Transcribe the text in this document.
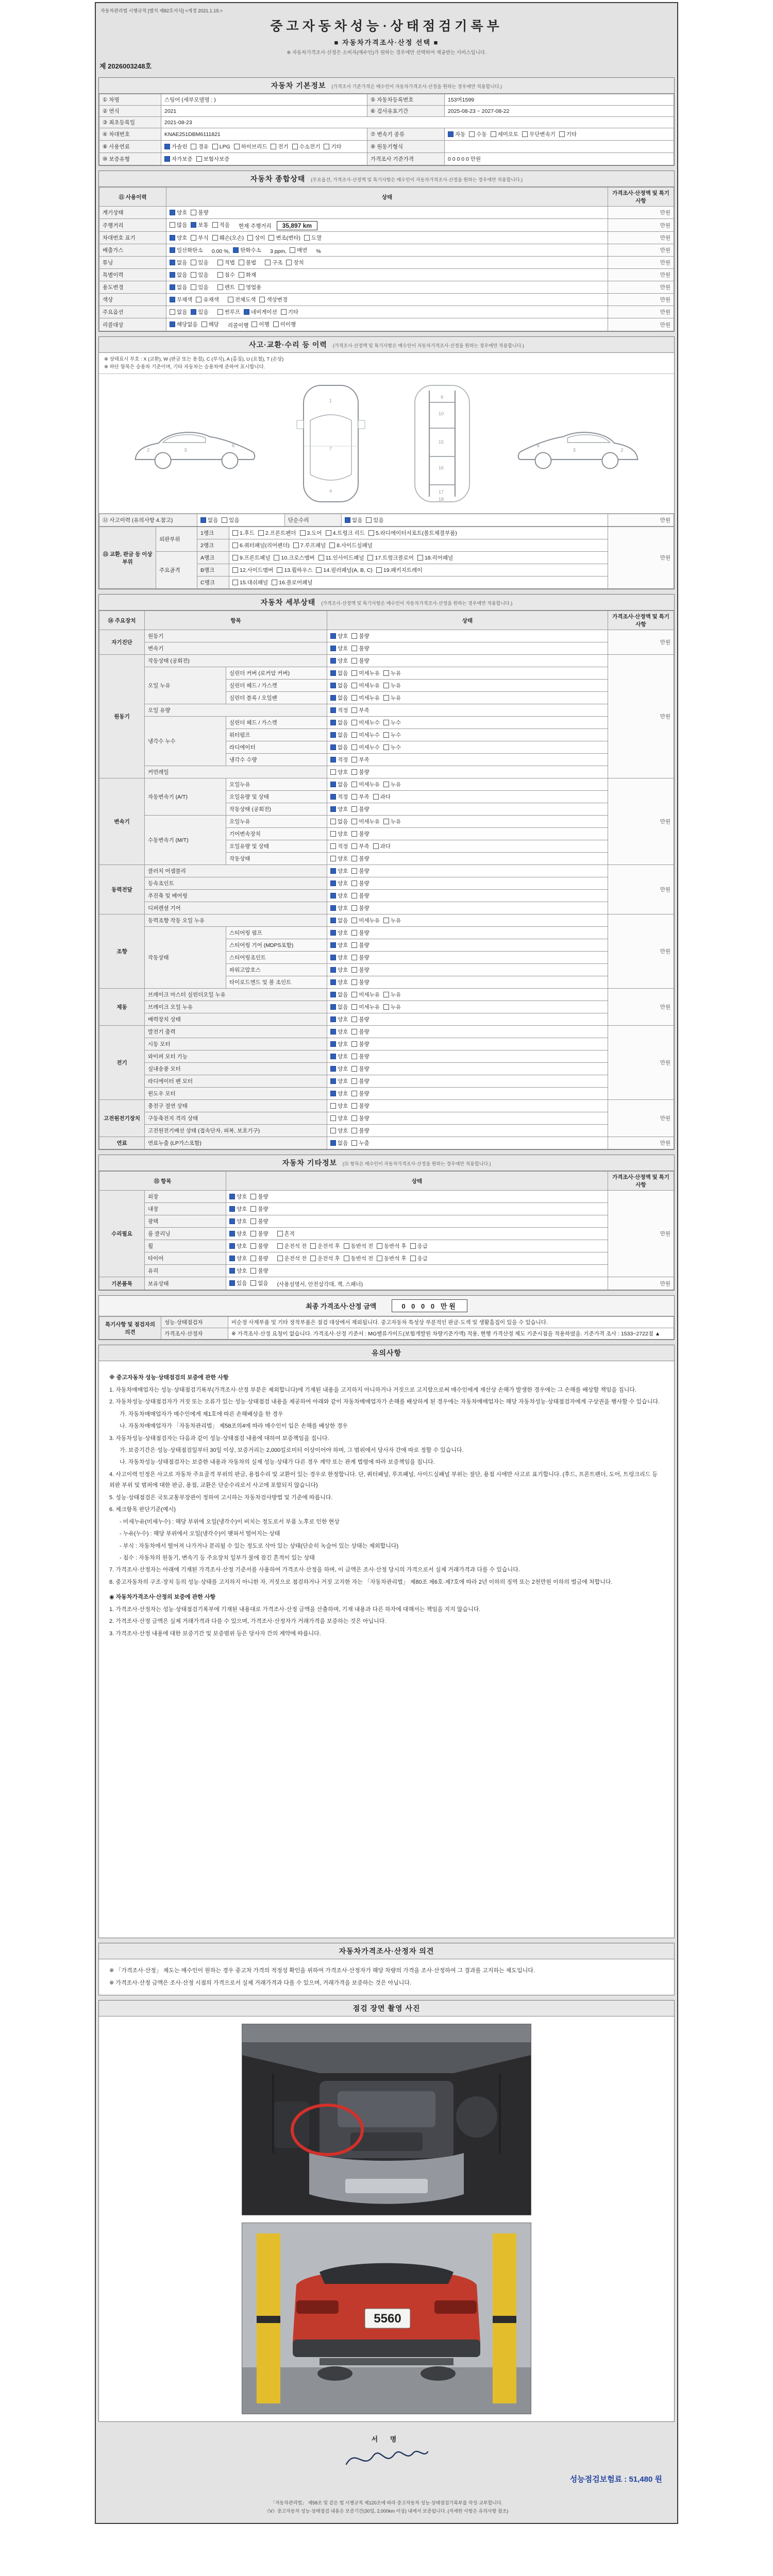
자동차관리법 시행규칙 [별지 제82호서식] <개정 2021.1.19.>
중고자동차성능·상태점검기록부
■ 자동차가격조사·산정 선택 ■
※ 자동차가격조사·산정은 소비자(매수인)가 원하는 경우에만 선택하여 제공받는 서비스입니다.
제 2026003248호
자동차 기본정보 (가격조사 기준가격은 매수인이 자동차가격조사·산정을 원하는 경우에만 적용합니다.)
① 차명	스팅어 (세부모델명 : )	⑤ 자동차등록번호	153머1599
② 연식	2021	⑥ 검사유효기간	2025-08-23 ~ 2027-08-22
③ 최초등록일	2021-08-23		
④ 차대번호	KNAE251DBM6111821	⑦ 변속기 종류	자동 수동 세미오토 무단변속기 기타

⑧ 사용연료	가솔린 경유 LPG 하이브리드 전기 수소전기 기타	⑨ 원동기형식	
⑩ 보증유형	자가보증 보험사보증	가격조사 기준가격	0 0 0 0 0 만원
자동차 종합상태 (주요옵션, 가격조사·산정액 및 특기사항은 매수인이 자동차가격조사·산정을 원하는 경우에만 적용합니다.)
⑪ 사용이력	상태	가격조사·산정액 및 특기사항
계기상태	양호 불량	만원
주행거리	많음 보통 적음 현재 주행거리 35,897 km	만원
차대번호 표기	양호 부식 훼손(오손) 상이 변조(변타) 도말	만원
배출가스	일산화탄소 0.00 %, 탄화수소 3 ppm, 매연 %	만원
튜닝	없음 있음	적법 불법	구조 장치	만원
특별이력	없음 있음 침수 화재	만원
용도변경	없음 있음 렌트 영업용	만원
색상	무채색 유채색 전체도색 색상변경	만원
주요옵션	없음 있음 썬루프 네비게이션 기타	만원
리콜대상	해당없음 해당 리콜이행 이행 미이행	만원
사고·교환·수리 등 이력 (가격조사·산정액 및 특기사항은 매수인이 자동차가격조사·산정을 원하는 경우에만 적용합니다.)
※ 상태표시 부호 : X (교환), W (판금 또는 용접), C (부식), A (흠집), U (요철), T (손상)
※ 하단 항목은 승용차 기준이며, 기타 자동차는 승용차에 준하여 표시합니다.
3
2
6
1
7
4
9
10
15
16
17
18
3	2
6
⑫ 사고이력 (유의사항 4.참고)	없음 있음	단순수리	없음 있음	만원
⑬ 교환, 판금 등 이상 부위	외판부위	1랭크	1.후드 2.프론트펜더 3.도어 4.트렁크 리드 5.라디에이터서포트(볼트체결부품)	만원
		2랭크	6.쿼터패널(리어펜더) 7.루프패널 8.사이드실패널	

	주요골격	A랭크	9.프론트패널 10.크로스멤버 11.인사이드패널 17.트렁크플로어 18.리어패널	

		B랭크	12.사이드멤버 13.휠하우스 14.필러패널(A, B, C) 19.패키지트레이	

		C랭크	15.대쉬패널 16.플로어패널	
자동차 세부상태 (가격조사·산정액 및 특기사항은 매수인이 자동차가격조사·산정을 원하는 경우에만 적용합니다.)
⑭ 주요장치	항목		상태	가격조사·산정액 및 특기사항
자기진단	원동기		양호 불량	만원
	변속기		양호 불량	

원동기	작동상태 (공회전)		양호 불량	만원
	오일 누유	실린더 커버 (로커암 커버)	없음 미세누유 누유	

		실린더 헤드 / 가스켓	없음 미세누유 누유	

		실린더 블록 / 오일팬	없음 미세누유 누유	

	오일 유량		적정 부족	

	냉각수 누수	실린더 헤드 / 가스켓	없음 미세누수 누수	

		워터펌프	없음 미세누수 누수	

		라디에이터	없음 미세누수 누수	

		냉각수 수량	적정 부족	

	커먼레일		양호 불량	

변속기	자동변속기 (A/T)	오일누유	없음 미세누유 누유	만원
		오일유량 및 상태	적정 부족 과다	

		작동상태 (공회전)	양호 불량	

	수동변속기 (M/T)	오일누유	없음 미세누유 누유	

		기어변속장치	양호 불량	

		오일유량 및 상태	적정 부족 과다	

		작동상태	양호 불량	

동력전달	클러치 어셈블리		양호 불량	만원
	등속조인트		양호 불량	

	추진축 및 베어링		양호 불량	

	디퍼렌셜 기어		양호 불량	

조향	동력조향 작동 오일 누유		없음 미세누유 누유	만원
	작동상태	스티어링 펌프	양호 불량	

		스티어링 기어 (MDPS포함)	양호 불량	

		스티어링조인트	양호 불량	

		파워고압호스	양호 불량	

		타이로드엔드 및 볼 조인트	양호 불량	

제동	브레이크 마스터 실린더오일 누유		없음 미세누유 누유	만원
	브레이크 오일 누유		없음 미세누유 누유	

	배력장치 상태		양호 불량	

전기	발전기 출력		양호 불량	만원
	시동 모터		양호 불량	

	와이퍼 모터 기능		양호 불량	

	실내송풍 모터		양호 불량	

	라디에이터 팬 모터		양호 불량	

	윈도우 모터		양호 불량	

고전원전기장치	충전구 절연 상태		양호 불량	만원
	구동축전지 격리 상태		양호 불량	

	고전원전기배선 상태 (접속단자, 피복, 보호기구)		양호 불량	

연료	연료누출 (LP가스포함)		없음 누출	만원
자동차 기타정보 (⑮ 항목은 매수인이 자동차가격조사·산정을 원하는 경우에만 적용합니다.)
⑮ 항목		상태	가격조사·산정액 및 특기사항
수리필요	외장	양호 불량	만원
	내장	양호 불량	

	광택	양호 불량	

	룸 클리닝	양호 불량 흔적	

휠	양호 불량	운전석 전 운전석 후 동반석 전 동반석 후 응급

타이어	양호 불량	운전석 전 운전석 후 동반석 전 동반석 후 응급

	유리	양호 불량	

기본품목	보유상태	있음 없음 (사용설명서, 안전삼각대, 잭, 스패너)	만원
최종 가격조사·산정 금액	0 0 0 0 만원
특기사항 및 점검자의 의견	성능·상태점검자	비순정 사제부품 및 기타 장착부품은 점검 대상에서 제외됩니다. 중고자동차 특성상 부분적인 판금·도색 및 생활흠집이 있을 수 있습니다.
	가격조사·산정자	※ 가격조사·산정 요청이 없습니다. 가격조사·산정 기준서 : MG밸류가이드(보험개발원 차량기준가액) 적용, 현행 가격산정 제도 기준시점을 적용하였음. 기준가격 조사 : 1533~2722점 ▲
유의사항
※ 중고자동차 성능·상태점검의 보증에 관한 사항
1. 자동차매매업자는 성능·상태점검기록부(가격조사·산정 부분은 제외합니다)에 기재된 내용을 고지하지 아니하거나 거짓으로 고지함으로써 매수인에게 재산상 손해가 발생한 경우에는 그 손해를 배상할 책임을 집니다.
2. 자동차성능·상태점검자가 거짓 또는 오류가 있는 성능·상태점검 내용을 제공하여 아래와 같이 자동차매매업자가 손해를 배상하게 된 경우에는 자동차매매업자는 해당 자동차성능·상태점검자에게 구상권을 행사할 수 있습니다.
가. 자동차매매업자가 매수인에게 제1호에 따른 손해배상을 한 경우
나. 자동차매매업자가 「자동차관리법」 제58조의4에 따라 매수인이 입은 손해를 배상한 경우
3. 자동차성능·상태점검자는 다음과 같이 성능·상태점검 내용에 대하여 보증책임을 집니다.
가. 보증기간은 성능·상태점검일부터 30일 이상, 보증거리는 2,000킬로미터 이상이어야 하며, 그 범위에서 당사자 간에 따로 정할 수 있습니다.
나. 자동차성능·상태점검자는 보증한 내용과 자동차의 실제 성능·상태가 다른 경우 계약 또는 관계 법령에 따라 보증책임을 집니다.
4. 사고이력 인정은 사고로 자동차 주요골격 부위의 판금, 용접수리 및 교환이 있는 경우로 한정합니다. 단, 쿼터패널, 루프패널, 사이드실패널 부위는 절단, 용접 시에만 사고로 표기합니다. (후드, 프론트펜더, 도어, 트렁크리드 등 외판 부위 및 범퍼에 대한 판금, 용접, 교환은 단순수리로서 사고에 포함되지 않습니다)
5. 성능·상태점검은 국토교통부장관이 정하여 고시하는 자동차검사방법 및 기준에 따릅니다.
6. 체크항목 판단기준(예시)
- 미세누유(미세누수) : 해당 부위에 오일(냉각수)이 비치는 정도로서 부품 노후로 인한 현상
- 누유(누수) : 해당 부위에서 오일(냉각수)이 맺혀서 떨어지는 상태
- 부식 : 자동차에서 떨어져 나가거나 분리될 수 있는 정도로 삭아 있는 상태(단순히 녹슬어 있는 상태는 제외합니다)
- 침수 : 자동차의 원동기, 변속기 등 주요장치 일부가 물에 잠긴 흔적이 있는 상태
7. 가격조사·산정자는 아래에 기재된 가격조사·산정 기준서를 사용하여 가격조사·산정을 하며, 이 금액은 조사·산정 당시의 가격으로서 실제 거래가격과 다를 수 있습니다.
8. 중고자동차의 구조·장치 등의 성능·상태를 고지하지 아니한 자, 거짓으로 점검하거나 거짓 고지한 자는 「자동차관리법」 제80조 제6호·제7호에 따라 2년 이하의 징역 또는 2천만원 이하의 벌금에 처합니다.
◉ 자동차가격조사·산정의 보증에 관한 사항
1. 가격조사·산정자는 성능·상태점검기록부에 기재된 내용대로 가격조사·산정 금액을 산출하며, 기재 내용과 다른 하자에 대해서는 책임을 지지 않습니다.
2. 가격조사·산정 금액은 실제 거래가격과 다를 수 있으며, 가격조사·산정자가 거래가격을 보증하는 것은 아닙니다.
3. 가격조사·산정 내용에 대한 보증기간 및 보증범위 등은 당사자 간의 계약에 따릅니다.
자동차가격조사·산정자 의견
※ 「가격조사·산정」 제도는 매수인이 원하는 경우 중고차 가격의 적정성 확인을 위하여 가격조사·산정자가 해당 차량의 가격을 조사·산정하여 그 결과를 고지하는 제도입니다.
※ 가격조사·산정 금액은 조사·산정 시점의 가격으로서 실제 거래가격과 다를 수 있으며, 거래가격을 보증하는 것은 아닙니다.
점검 장면 촬영 사진
5560
서 명
성능점검보험료 : 51,480 원
「자동차관리법」 제58조 및 같은 법 시행규칙 제120조에 따라 중고자동차 성능·상태점검기록부를 작성·교부합니다.
《Ⅴ》중고자동차 성능·상태점검 내용은 보증기간(30일, 2,000km 이상) 내에서 보증됩니다. (자세한 사항은 유의사항 참조)
